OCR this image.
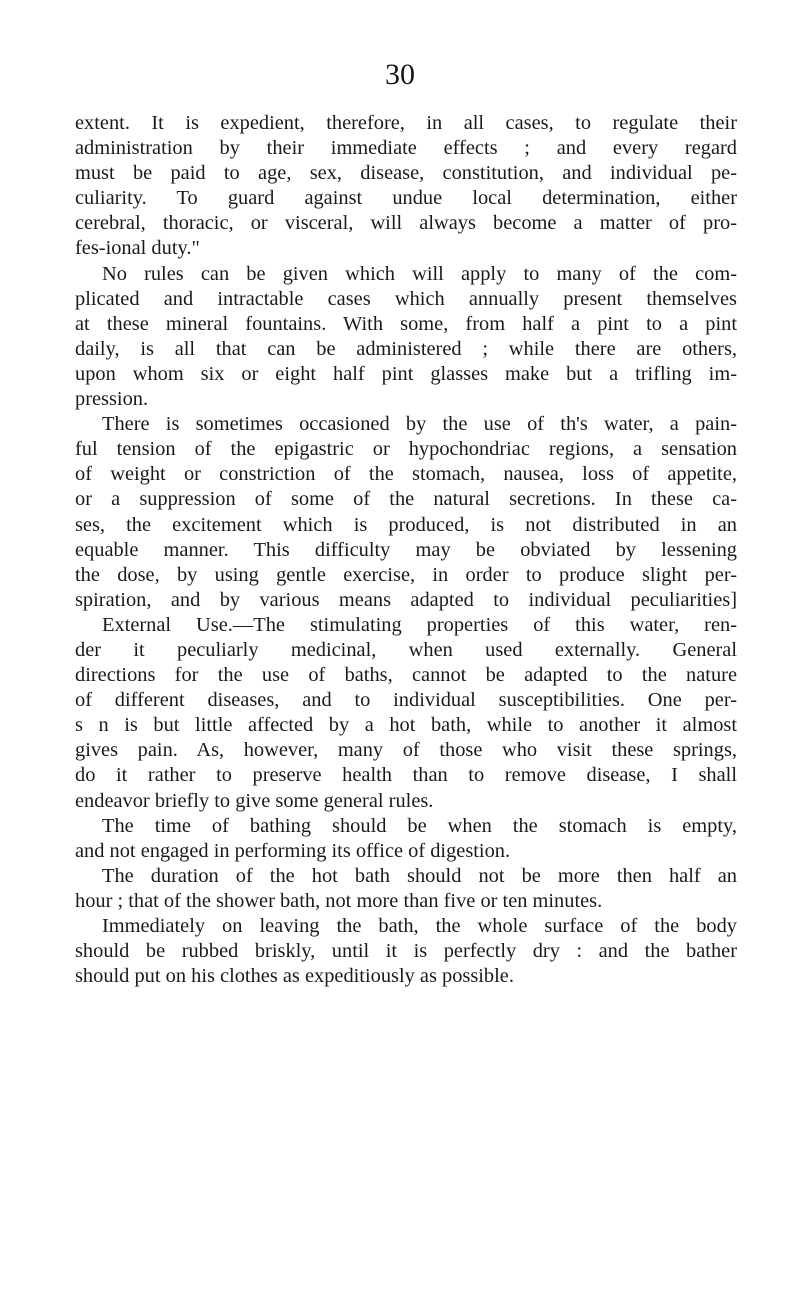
30
extent. It is expedient, therefore, in all cases, to regulate their
administration by their immediate effects ; and every regard
must be paid to age, sex, disease, constitution, and individual pe-
culiarity. To guard against undue local determination, either
cerebral, thoracic, or visceral, will always become a matter of pro-
fes-ional duty."
No rules can be given which will apply to many of the com-
plicated and intractable cases which annually present themselves
at these mineral fountains. With some, from half a pint to a pint
daily, is all that can be administered ; while there are others,
upon whom six or eight half pint glasses make but a trifling im-
pression.
There is sometimes occasioned by the use of th's water, a pain-
ful tension of the epigastric or hypochondriac regions, a sensation
of weight or constriction of the stomach, nausea, loss of appetite,
or a suppression of some of the natural secretions. In these ca-
ses, the excitement which is produced, is not distributed in an
equable manner. This difficulty may be obviated by lessening
the dose, by using gentle exercise, in order to produce slight per-
spiration, and by various means adapted to individual peculiarities]
External Use.—The stimulating properties of this water, ren-
der it peculiarly medicinal, when used externally. General
directions for the use of baths, cannot be adapted to the nature
of different diseases, and to individual susceptibilities. One per-
s n is but little affected by a hot bath, while to another it almost
gives pain. As, however, many of those who visit these springs,
do it rather to preserve health than to remove disease, I shall
endeavor briefly to give some general rules.
The time of bathing should be when the stomach is empty,
and not engaged in performing its office of digestion.
The duration of the hot bath should not be more then half an
hour ; that of the shower bath, not more than five or ten minutes.
Immediately on leaving the bath, the whole surface of the body
should be rubbed briskly, until it is perfectly dry : and the bather
should put on his clothes as expeditiously as possible.
